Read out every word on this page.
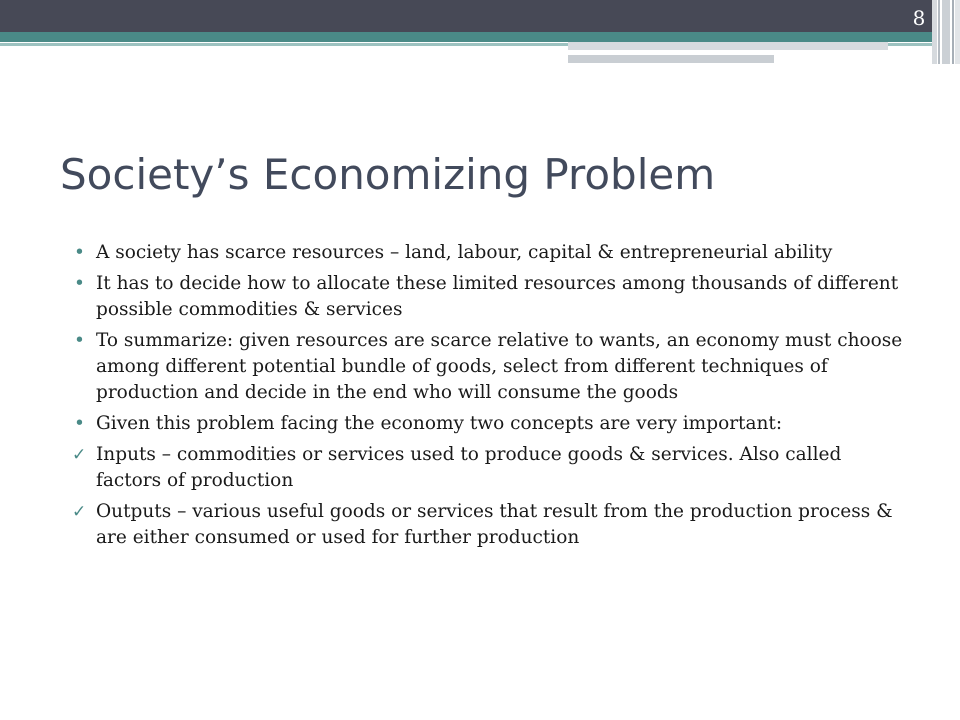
8
Society’s Economizing Problem
• A society has scarce resources – land, labour, capital & entrepreneurial ability
• It has to decide how to allocate these limited resources among thousands of different possible commodities & services
• To summarize: given resources are scarce relative to wants, an economy must choose among different potential bundle of goods, select from different techniques of production and decide in the end who will consume the goods
• Given this problem facing the economy two concepts are very important:
✓ Inputs – commodities or services used to produce goods & services. Also called factors of production
✓ Outputs – various useful goods or services that result from the production process & are either consumed or used for further production
